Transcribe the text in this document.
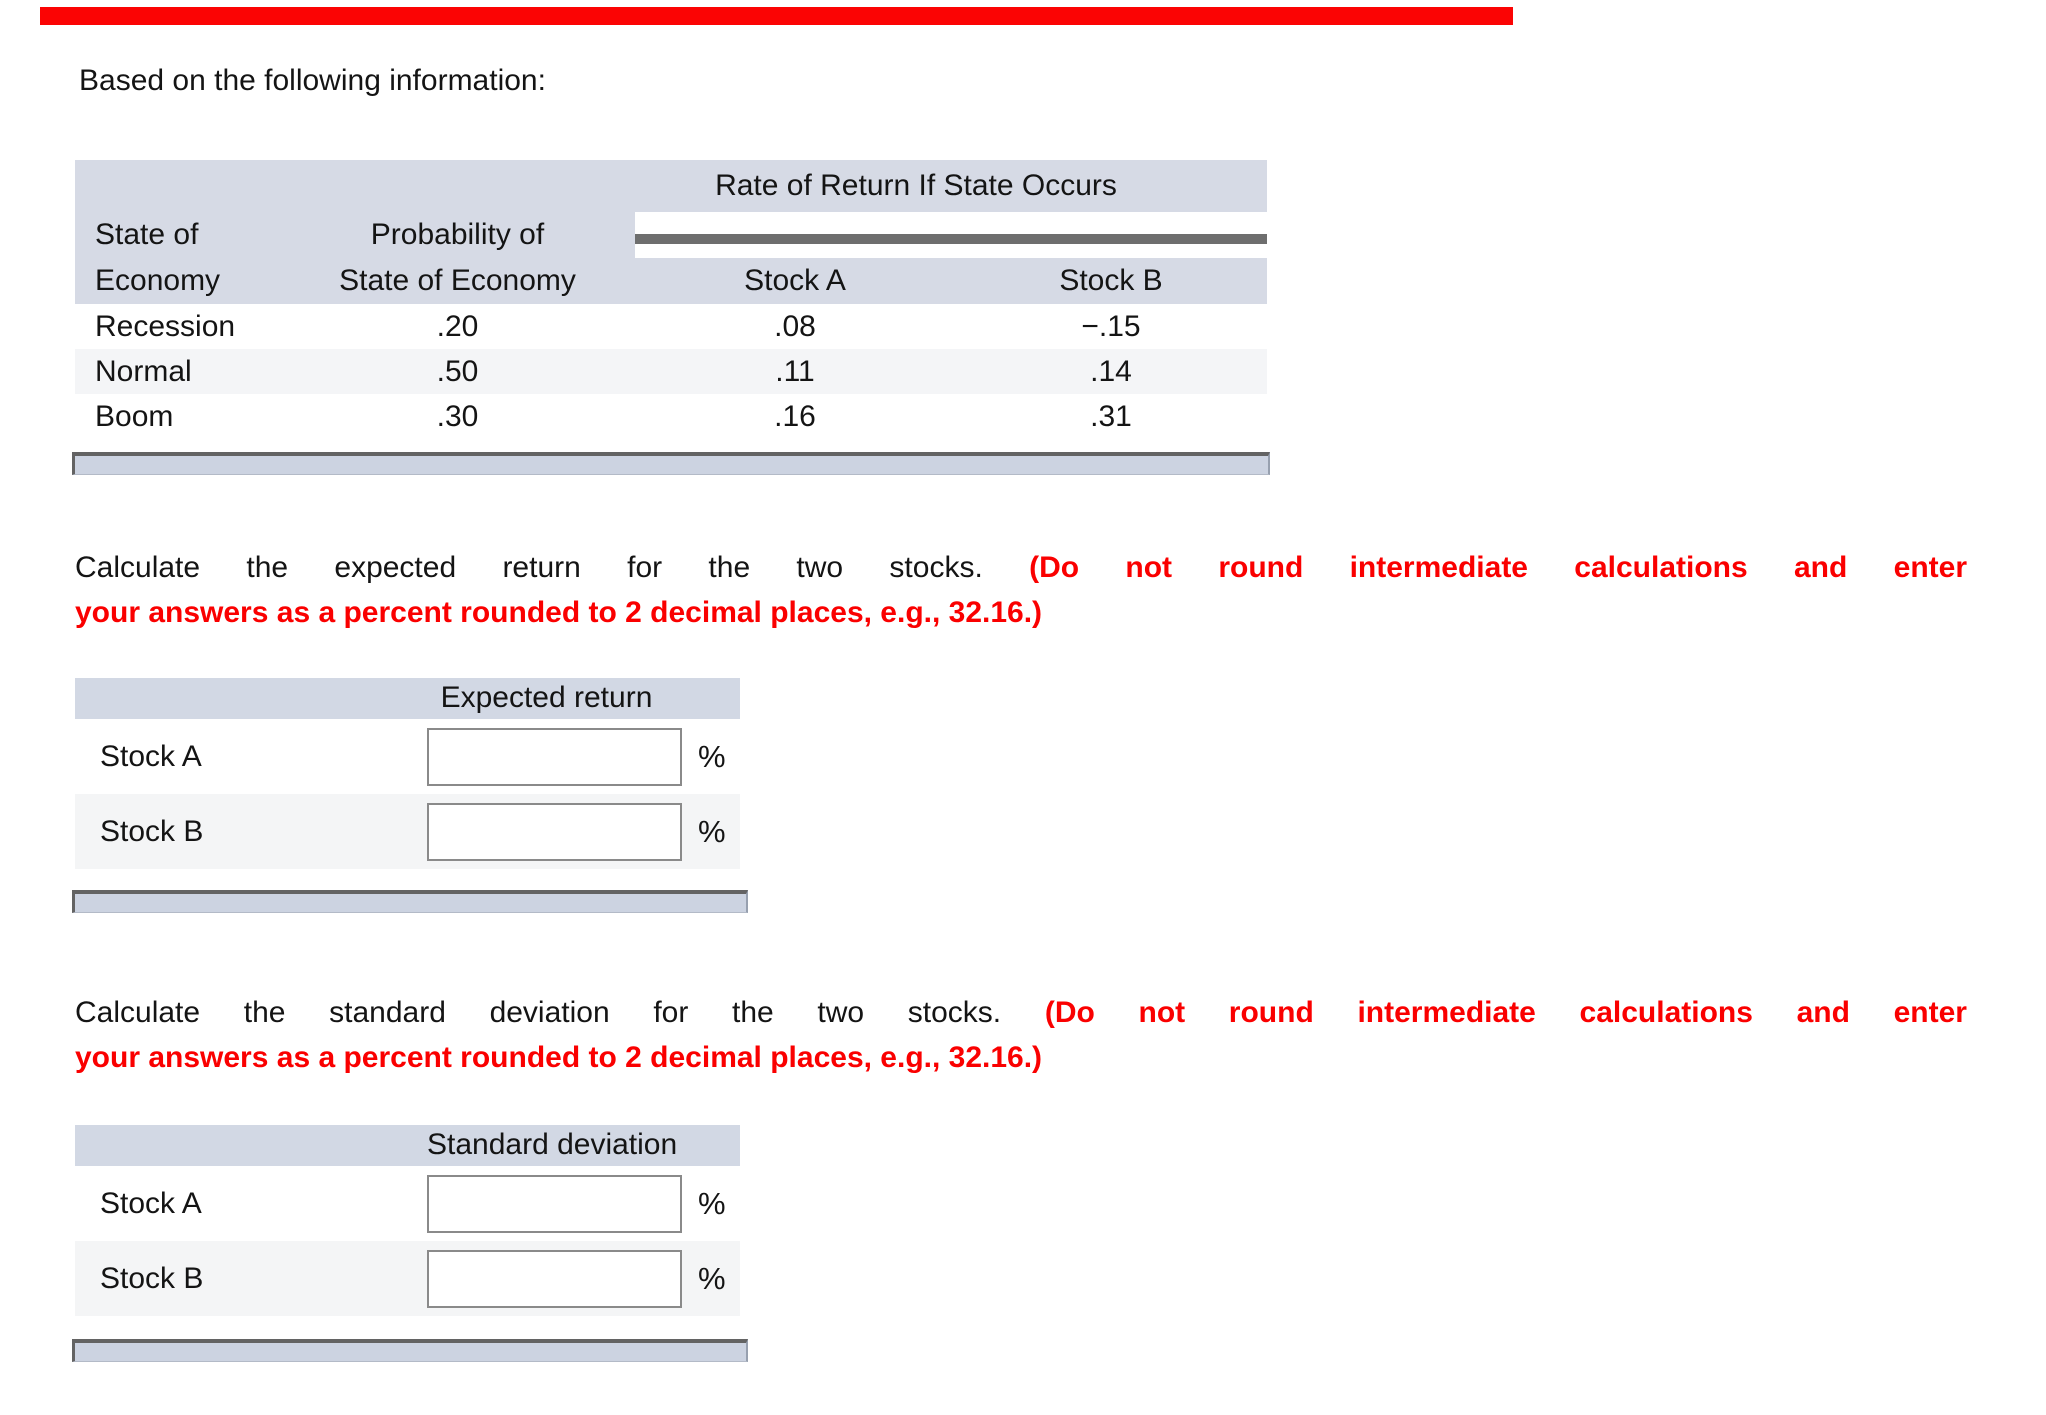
Based on the following information:
		Rate of Return If State Occurs	
State of	Probability of		

Economy	State of Economy	Stock A	Stock B
Recession	.20	.08	−.15
Normal	.50	.11	.14
Boom	.30	.16	.31
Calculate the expected return for the two stocks. (Do not round intermediate calculations and enter
your answers as a percent rounded to 2 decimal places, e.g., 32.16.)
Expected return
Stock A	%
Stock B	%
Calculate the standard deviation for the two stocks. (Do not round intermediate calculations and enter
your answers as a percent rounded to 2 decimal places, e.g., 32.16.)
Standard deviation
Stock A	%
Stock B	%
